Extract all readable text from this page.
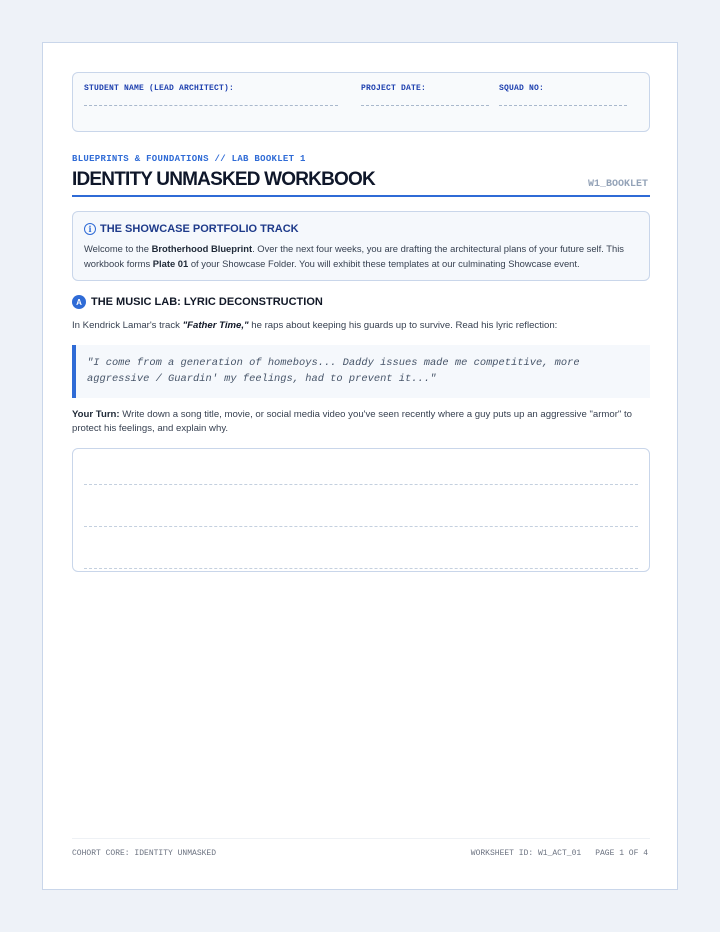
STUDENT NAME (LEAD ARCHITECT):	PROJECT DATE:	SQUAD NO:
BLUEPRINTS & FOUNDATIONS // LAB BOOKLET 1
IDENTITY UNMASKED WORKBOOK	W1_BOOKLET
i THE SHOWCASE PORTFOLIO TRACK
Welcome to the Brotherhood Blueprint. Over the next four weeks, you are drafting the architectural plans of your future self. This workbook forms Plate 01 of your Showcase Folder. You will exhibit these templates at our culminating Showcase event.
A THE MUSIC LAB: LYRIC DECONSTRUCTION
In Kendrick Lamar's track "Father Time," he raps about keeping his guards up to survive. Read his lyric reflection:
"I come from a generation of homeboys... Daddy issues made me competitive, more aggressive / Guardin' my feelings, had to prevent it..."
Your Turn: Write down a song title, movie, or social media video you've seen recently where a guy puts up an aggressive "armor" to protect his feelings, and explain why.
COHORT CORE: IDENTITY UNMASKED	WORKSHEET ID: W1_ACT_01 PAGE 1 OF 4
